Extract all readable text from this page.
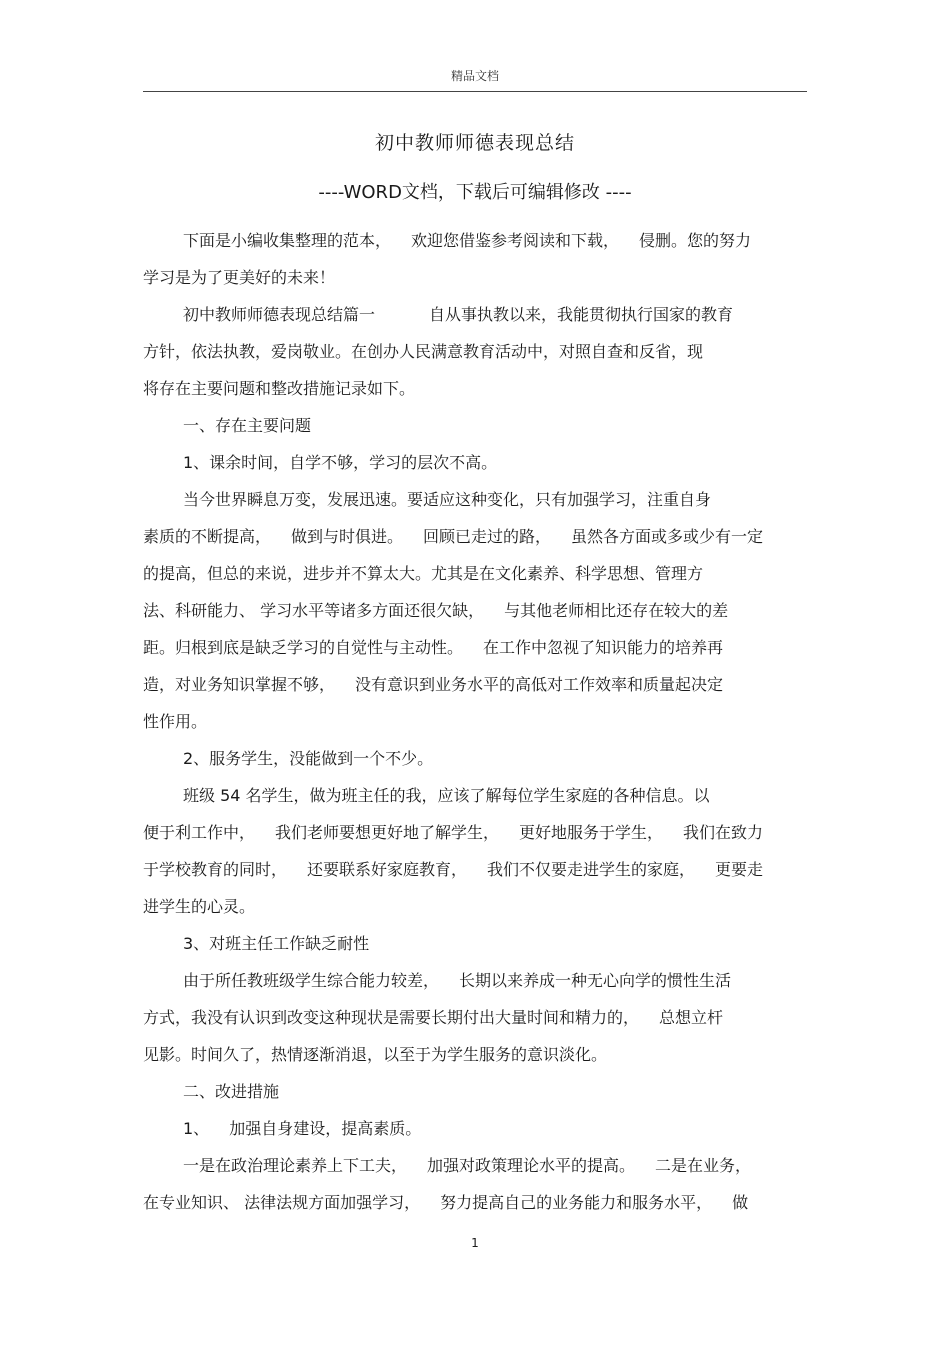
精品文档
初中教师师德表现总结
----WORD文档，下载后可编辑修改 ----
下面是小编收集整理的范本， 欢迎您借鉴参考阅读和下载， 侵删。您的努力
学习是为了更美好的未来！
初中教师师德表现总结篇一	自从事执教以来，我能贯彻执行国家的教育
方针，依法执教，爱岗敬业。在创办人民满意教育活动中，对照自查和反省，现
将存在主要问题和整改措施记录如下。
一、存在主要问题
1、课余时间，自学不够，学习的层次不高。
当今世界瞬息万变，发展迅速。要适应这种变化，只有加强学习，注重自身
素质的不断提高， 做到与时俱进。 回顾已走过的路， 虽然各方面或多或少有一定
的提高，但总的来说，进步并不算太大。尤其是在文化素养、科学思想、管理方
法、科研能力、 学习水平等诸多方面还很欠缺， 与其他老师相比还存在较大的差
距。归根到底是缺乏学习的自觉性与主动性。 在工作中忽视了知识能力的培养再
造，对业务知识掌握不够， 没有意识到业务水平的高低对工作效率和质量起决定
性作用。
2、服务学生，没能做到一个不少。
班级 54 名学生，做为班主任的我，应该了解每位学生家庭的各种信息。以
便于利工作中， 我们老师要想更好地了解学生， 更好地服务于学生， 我们在致力
于学校教育的同时， 还要联系好家庭教育， 我们不仅要走进学生的家庭， 更要走
进学生的心灵。
3、对班主任工作缺乏耐性
由于所任教班级学生综合能力较差， 长期以来养成一种无心向学的惯性生活
方式，我没有认识到改变这种现状是需要长期付出大量时间和精力的， 总想立杆
见影。时间久了，热情逐渐消退，以至于为学生服务的意识淡化。
二、改进措施
1、 加强自身建设，提高素质。
一是在政治理论素养上下工夫， 加强对政策理论水平的提高。 二是在业务，
在专业知识、 法律法规方面加强学习， 努力提高自己的业务能力和服务水平， 做
1
